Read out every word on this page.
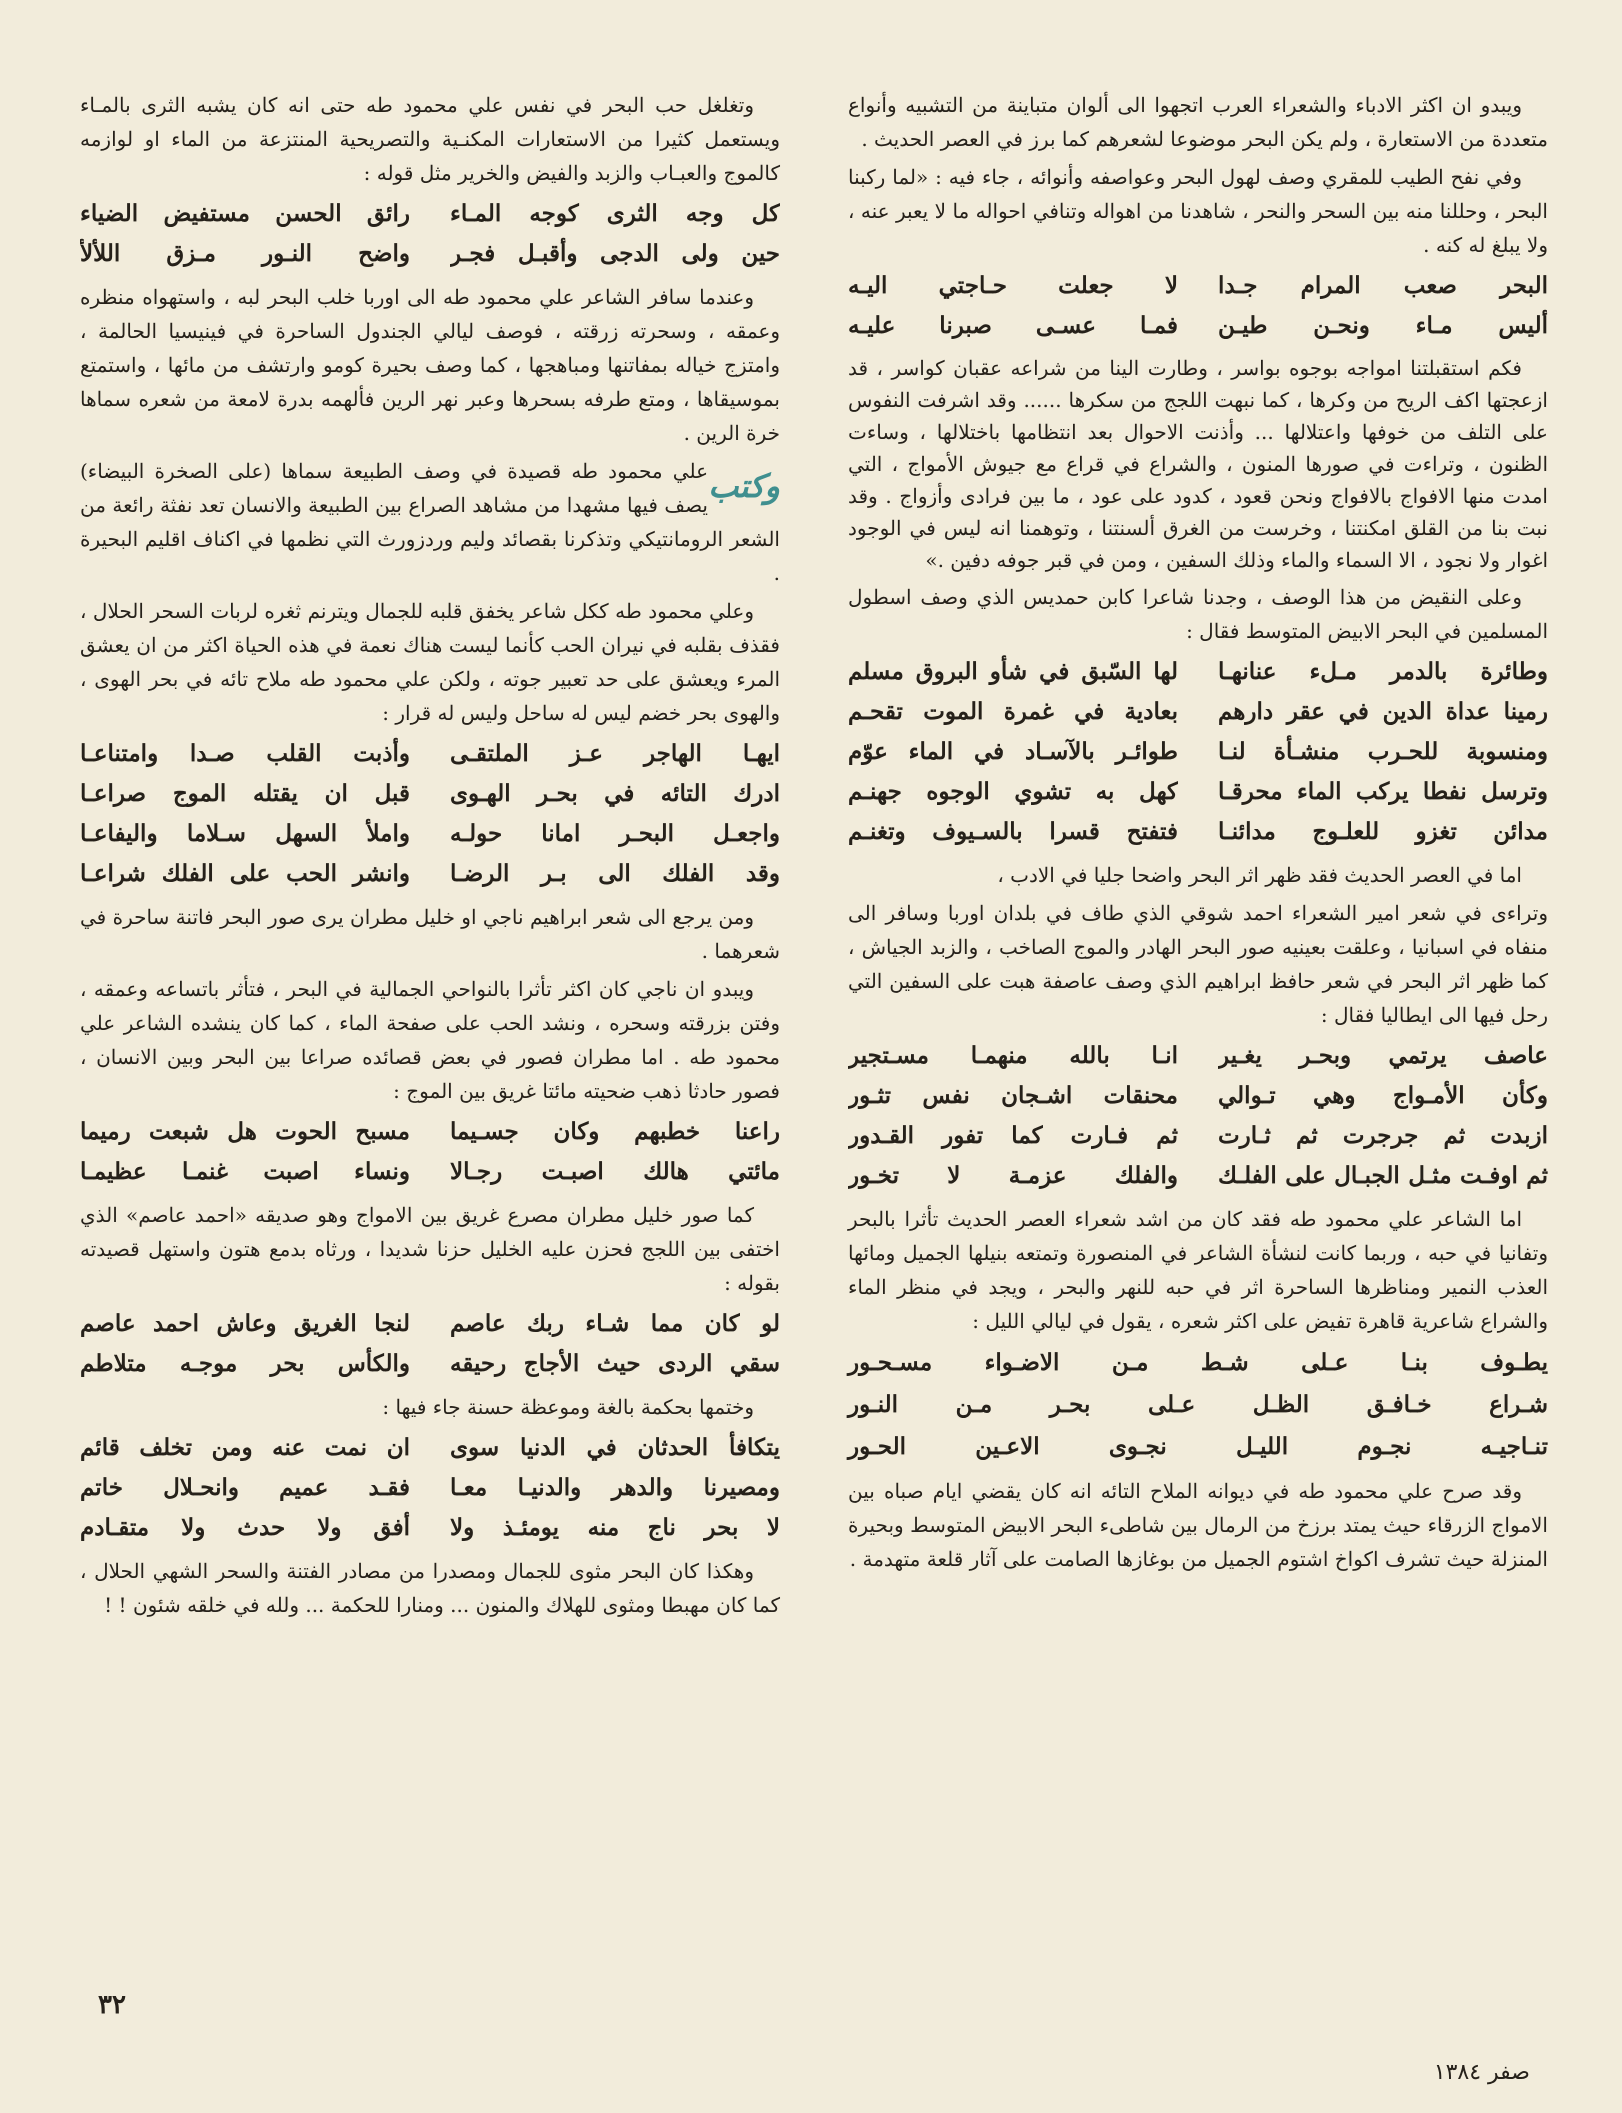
ويبدو ان اكثر الادباء والشعراء العرب اتجهوا الى ألوان متباينة من التشبيه وأنواع متعددة من الاستعارة ، ولم يكن البحر موضوعا لشعرهم كما برز في العصر الحديث .

وفي نفح الطيب للمقري وصف لهول البحر وعواصفه وأنوائه ، جاء فيه : «لما ركبنا البحر ، وحللنا منه بين السحر والنحر ، شاهدنا من اهواله وتنافي احواله ما لا يعبر عنه ، ولا يبلغ له كنه .

البحر صعب المرام جـدا
لا جعلت حـاجتي اليـه
أليس مـاء ونحـن طيـن
فمـا عسـى صبرنا عليـه

فكم استقبلتنا امواجه بوجوه بواسر ، وطارت الينا من شراعه عقبان كواسر ، قد ازعجتها اكف الريح من وكرها ، كما نبهت اللجج من سكرها ...... وقد اشرفت النفوس على التلف من خوفها واعتلالها ... وأذنت الاحوال بعد انتظامها باختلالها ، وساءت الظنون ، وتراءت في صورها المنون ، والشراع في قراع مع جيوش الأمواج ، التي امدت منها الافواج بالافواج ونحن قعود ، كدود على عود ، ما بين فرادى وأزواج . وقد نبت بنا من القلق امكنتنا ، وخرست من الغرق ألسنتنا ، وتوهمنا انه ليس في الوجود اغوار ولا نجود ، الا السماء والماء وذلك السفين ، ومن في قبر جوفه دفين .»

وعلى النقيض من هذا الوصف ، وجدنا شاعرا كابن حمديس الذي وصف اسطول المسلمين في البحر الابيض المتوسط فقال :

وطائرة بالدمر مـلء عنانهـا
لها السّبق في شأو البروق مسلم
رمينا عداة الدين في عقر دارهم
بعادية في غمرة الموت تقحـم
ومنسوبة للحـرب منشـأة لنـا
طوائـر بالآسـاد في الماء عوّم
وترسل نفطا يركب الماء محرقـا
كهل به تشوي الوجوه جهنـم
مدائن تغزو للعلـوج مدائنـا
فتفتح قسرا بالسـيوف وتغنـم

اما في العصر الحديث فقد ظهر اثر البحر واضحا جليا في الادب ،

وتراءى في شعر امير الشعراء احمد شوقي الذي طاف في بلدان اوربا وسافر الى منفاه في اسبانيا ، وعلقت بعينيه صور البحر الهادر والموج الصاخب ، والزبد الجياش ، كما ظهر اثر البحر في شعر حافظ ابراهيم الذي وصف عاصفة هبت على السفين التي رحل فيها الى ايطاليا فقال :

عاصف يرتمي وبحـر يغـير
انـا بالله منهمـا مسـتجير
وكأن الأمـواج وهي تـوالي
محنقات اشـجان نفس تثـور
ازبدت ثم جرجرت ثم ثـارت
ثم فـارت كما تفور القـدور
ثم اوفـت مثـل الجبـال على الفلـك
والفلك عزمـة لا تخـور

اما الشاعر علي محمود طه فقد كان من اشد شعراء العصر الحديث تأثرا بالبحر وتفانيا في حبه ، وربما كانت لنشأة الشاعر في المنصورة وتمتعه بنيلها الجميل ومائها العذب النمير ومناظرها الساحرة اثر في حبه للنهر والبحر ، ويجد في منظر الماء والشراع شاعرية قاهرة تفيض على اكثر شعره ، يقول في ليالي الليل :

يطـوف بنـا عـلى شـط مـن الاضـواء مسـحـور
شـراع خـافـق الظـل عـلى بحـر مـن النـور
تنـاجيـه نجـوم الليـل نجـوى الاعـين الحـور

وقد صرح علي محمود طه في ديوانه الملاح التائه انه كان يقضي ايام صباه بين الامواج الزرقاء حيث يمتد برزخ من الرمال بين شاطىء البحر الابيض المتوسط وبحيرة المنزلة حيث تشرف اكواخ اشتوم الجميل من بوغازها الصامت على آثار قلعة متهدمة .

وتغلغل حب البحر في نفس علي محمود طه حتى انه كان يشبه الثرى بالمـاء ويستعمل كثيرا من الاستعارات المكنـية والتصريحية المنتزعة من الماء او لوازمه كالموج والعبـاب والزبد والفيض والخرير مثل قوله :

كل وجه الثرى كوجه المـاء
رائق الحسن مستفيض الضياء
حين ولى الدجى وأقبـل فجـر
واضح النـور مـزق اللألأ

وعندما سافر الشاعر علي محمود طه الى اوربا خلب البحر لبه ، واستهواه منظره وعمقه ، وسحرته زرقته ، فوصف ليالي الجندول الساحرة في فينيسيا الحالمة ، وامتزج خياله بمفاتنها ومباهجها ، كما وصف بحيرة كومو وارتشف من مائها ، واستمتع بموسيقاها ، ومتع طرفه بسحرها وعبر نهر الرين فألهمه بدرة لامعة من شعره سماها خرة الرين .

وكتب
علي محمود طه قصيدة في وصف الطبيعة سماها (على الصخرة البيضاء) يصف فيها مشهدا من مشاهد الصراع بين الطبيعة والانسان تعد نفثة رائعة من الشعر الرومانتيكي وتذكرنا بقصائد وليم وردزورث التي نظمها في اكناف اقليم البحيرة .

وعلي محمود طه ككل شاعر يخفق قلبه للجمال ويترنم ثغره لربات السحر الحلال ، فقذف بقلبه في نيران الحب كأنما ليست هناك نعمة في هذه الحياة اكثر من ان يعشق المرء ويعشق على حد تعبير جوته ، ولكن علي محمود طه ملاح تائه في بحر الهوى ، والهوى بحر خضم ليس له ساحل وليس له قرار :

ايهـا الهاجر عـز الملتقـى
وأذبت القلب صـدا وامتناعـا
ادرك التائه في بحـر الهـوى
قبل ان يقتله الموج صراعـا
واجعـل البحـر امانا حولـه
واملأ السهل سـلاما واليفاعـا
وقد الفلك الى بـر الرضـا
وانشر الحب على الفلك شراعـا

ومن يرجع الى شعر ابراهيم ناجي او خليل مطران يرى صور البحر فاتنة ساحرة في شعرهما .

ويبدو ان ناجي كان اكثر تأثرا بالنواحي الجمالية في البحر ، فتأثر باتساعه وعمقه ، وفتن بزرقته وسحره ، ونشد الحب على صفحة الماء ، كما كان ينشده الشاعر علي محمود طه . اما مطران فصور في بعض قصائده صراعا بين البحر وبين الانسان ، فصور حادثا ذهب ضحيته مائتا غريق بين الموج :

راعنا خطبهم وكان جسـيما
مسبح الحوت هل شبعت رميما
مائتي هالك اصبـت رجـالا
ونساء اصبت غنمـا عظيمـا

كما صور خليل مطران مصرع غريق بين الامواج وهو صديقه «احمد عاصم» الذي اختفى بين اللجج فحزن عليه الخليل حزنا شديدا ، ورثاه بدمع هتون واستهل قصيدته بقوله :

لو كان مما شـاء ربك عاصم
لنجا الغريق وعاش احمد عاصم
سقي الردى حيث الأجاج رحيقه
والكأس بحر موجـه متلاطم

وختمها بحكمة بالغة وموعظة حسنة جاء فيها :

يتكافأ الحدثان في الدنيا سوى
ان نمت عنه ومن تخلف قائم
ومصيرنا والدهر والدنيـا معـا
فقـد عميم وانحـلال خاتم
لا بحر ناج منه يومئـذ ولا
أفق ولا حدث ولا متقـادم

وهكذا كان البحر مثوى للجمال ومصدرا من مصادر الفتنة والسحر الشهي الحلال ، كما كان مهبطا ومثوى للهلاك والمنون ... ومنارا للحكمة ... ولله في خلقه شئون ! !

٣٢
صفر ١٣٨٤
